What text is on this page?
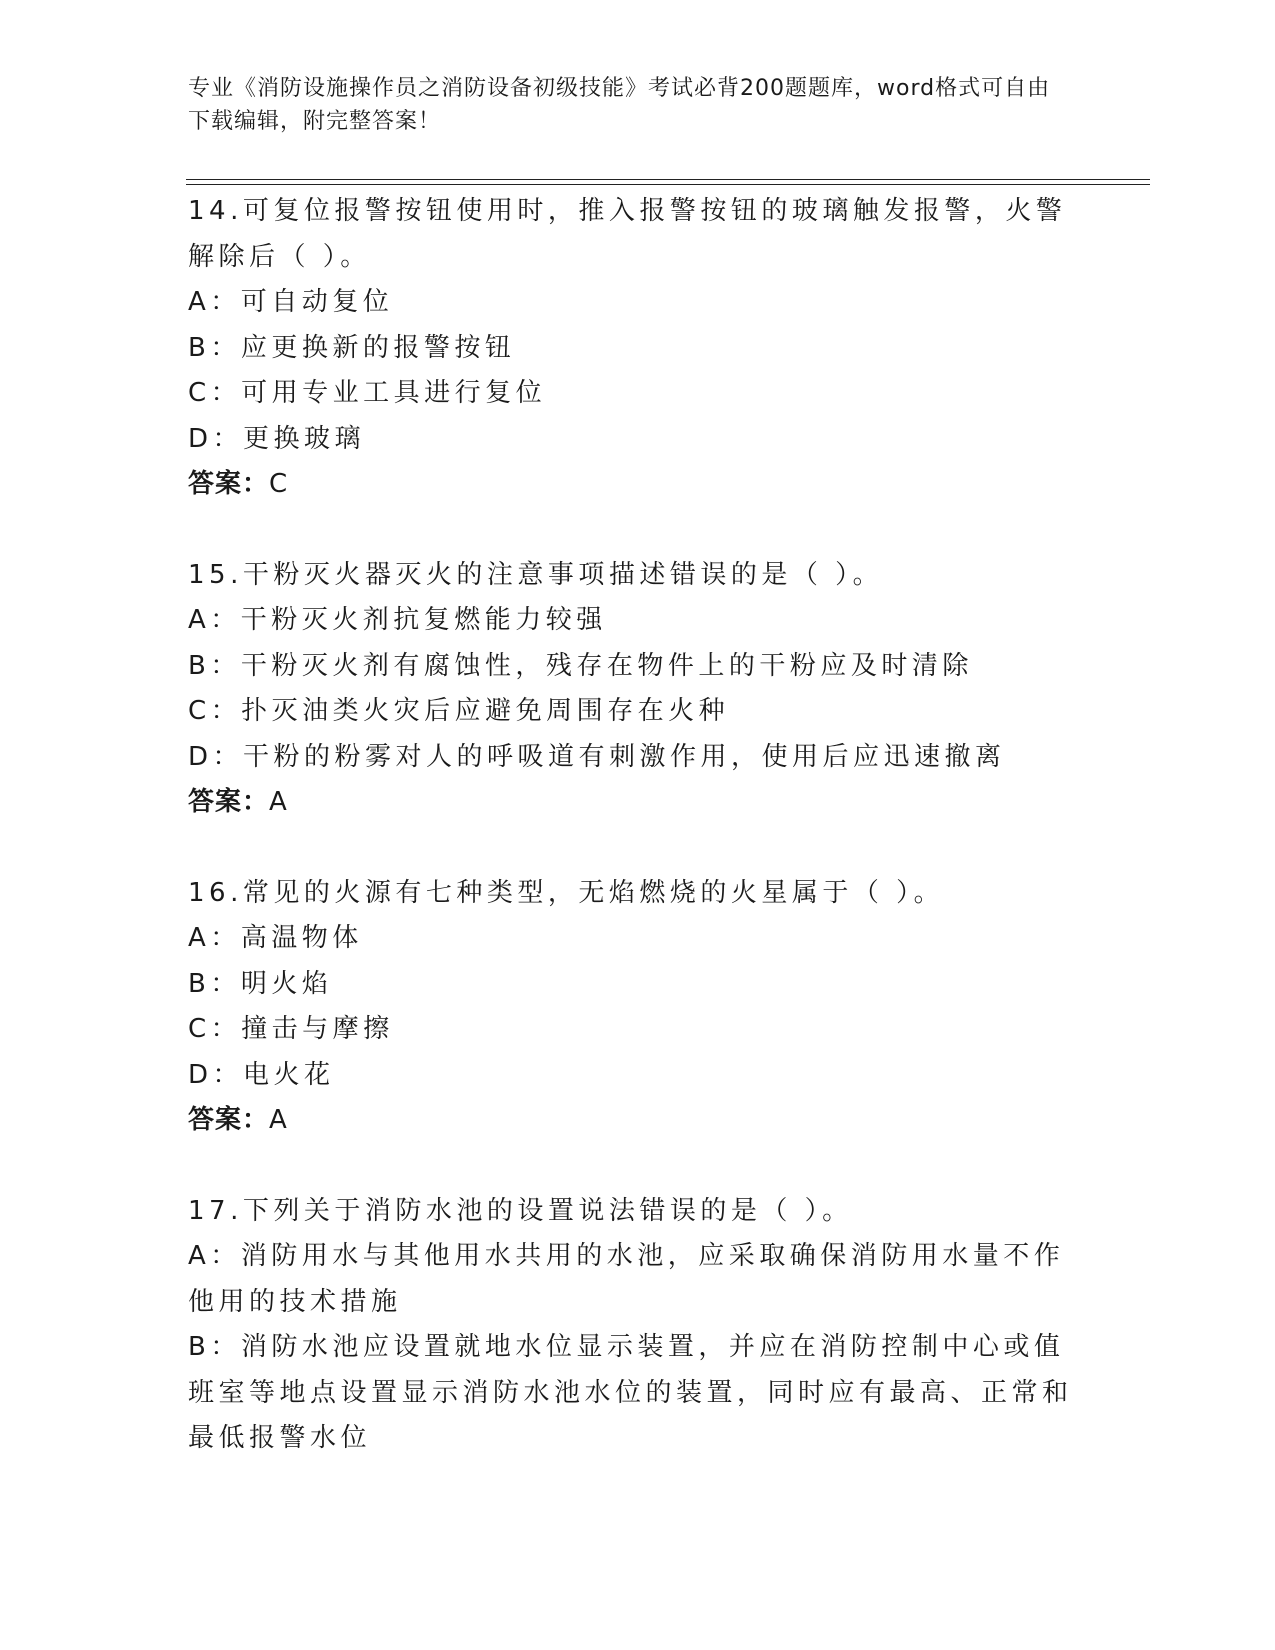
专业《消防设施操作员之消防设备初级技能》考试必背200题题库，word格式可自由下载编辑，附完整答案！

14.可复位报警按钮使用时，推入报警按钮的玻璃触发报警，火警解除后（ ）。

A：可自动复位

B：应更换新的报警按钮

C：可用专业工具进行复位

D：更换玻璃

答案：C

15.干粉灭火器灭火的注意事项描述错误的是（ ）。

A：干粉灭火剂抗复燃能力较强

B：干粉灭火剂有腐蚀性，残存在物件上的干粉应及时清除

C：扑灭油类火灾后应避免周围存在火种

D：干粉的粉雾对人的呼吸道有刺激作用，使用后应迅速撤离

答案：A

16.常见的火源有七种类型，无焰燃烧的火星属于（ ）。

A：高温物体

B：明火焰

C：撞击与摩擦

D：电火花

答案：A

17.下列关于消防水池的设置说法错误的是（ ）。

A：消防用水与其他用水共用的水池，应采取确保消防用水量不作他用的技术措施

B：消防水池应设置就地水位显示装置，并应在消防控制中心或值班室等地点设置显示消防水池水位的装置，同时应有最高、正常和最低报警水位
